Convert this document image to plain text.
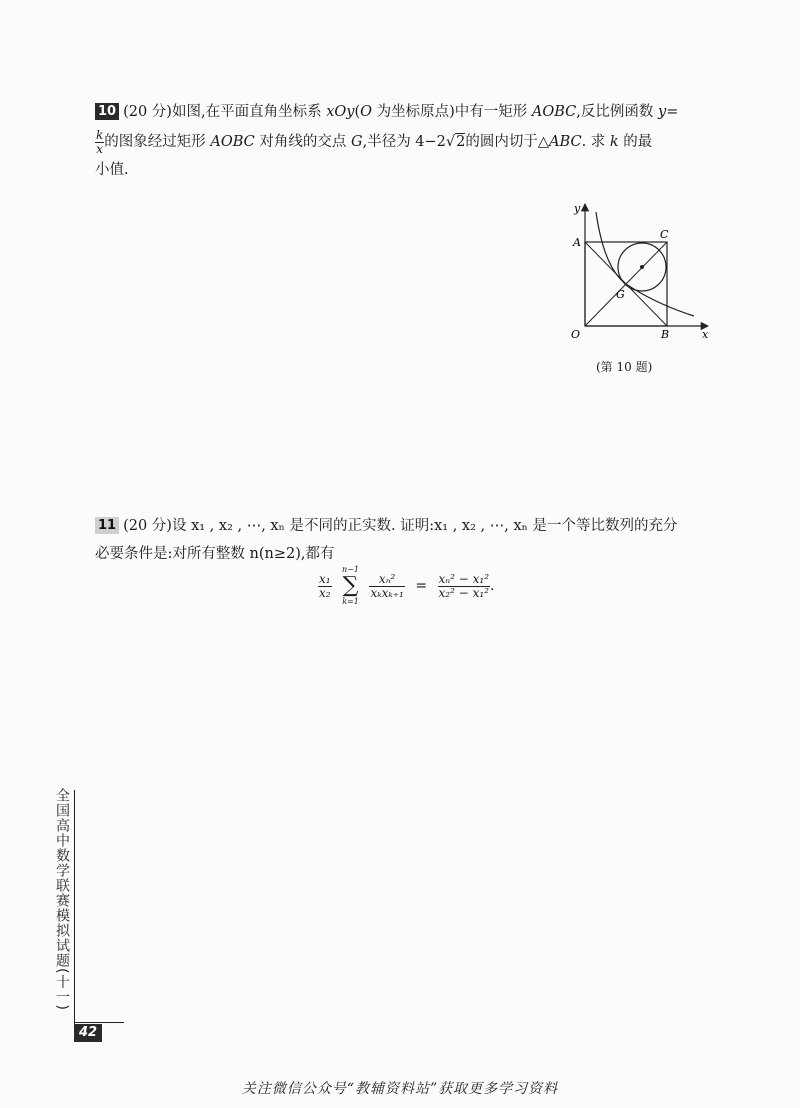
10 (20 分)如图,在平面直角坐标系 xOy(O 为坐标原点)中有一矩形 AOBC,反比例函数 y=
$\frac{k}{x}$ 的图象经过矩形 AOBC 对角线的交点 G,半径为 4−2√2的圆内切于△ABC. 求 k 的最
小值.
y
x
A
C
G
O	B
(第 10 题)
11 (20 分)设 x₁ , x₂ , ⋯, xₙ 是不同的正实数. 证明:x₁ , x₂ , ⋯, xₙ 是一个等比数列的充分
必要条件是:对所有整数 n(n≥2),都有
$\frac{\text{x₁}}{\text{x₂}}$

n−1
∑
k=1

$\frac{\text{xₙ²}}{\text{xₖxₖ₊₁}} = \frac{\text{xₙ² − x₁²}}{\text{x₂² − x₁²}}$ .
全国高中数学联赛模拟试题(十一)
42
关注微信公众号“教辅资料站”获取更多学习资料
